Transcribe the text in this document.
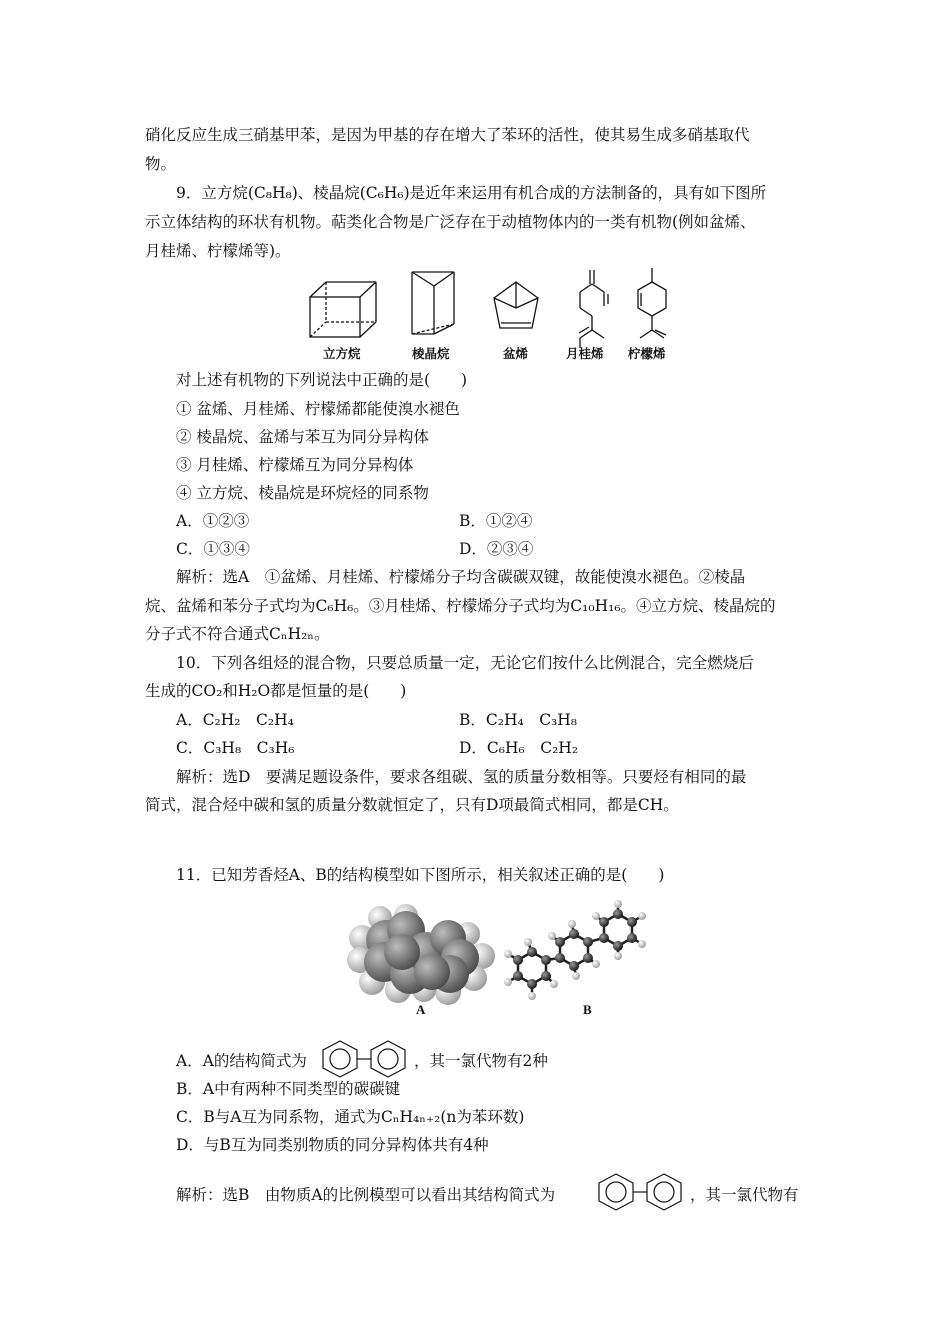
硝化反应生成三硝基甲苯，是因为甲基的存在增大了苯环的活性，使其易生成多硝基取代
物。
9．立方烷(C₈H₈)、棱晶烷(C₆H₆)是近年来运用有机合成的方法制备的，具有如下图所
示立体结构的环状有机物。萜类化合物是广泛存在于动植物体内的一类有机物(例如盆烯、
月桂烯、柠檬烯等)。
立方烷	棱晶烷	盆烯	月桂烯 柠檬烯
对上述有机物的下列说法中正确的是(　　)
① 盆烯、月桂烯、柠檬烯都能使溴水褪色
② 棱晶烷、盆烯与苯互为同分异构体
③ 月桂烯、柠檬烯互为同分异构体
④ 立方烷、棱晶烷是环烷烃的同系物
A．①②③	B．①②④
C．①③④	D．②③④
解析：选A　①盆烯、月桂烯、柠檬烯分子均含碳碳双键，故能使溴水褪色。②棱晶
烷、盆烯和苯分子式均为C₆H₆。③月桂烯、柠檬烯分子式均为C₁₀H₁₆。④立方烷、棱晶烷的
分子式不符合通式CₙH₂ₙ。
10．下列各组烃的混合物，只要总质量一定，无论它们按什么比例混合，完全燃烧后
生成的CO₂和H₂O都是恒量的是(　　)
A．C₂H₂　C₂H₄	B．C₂H₄　C₃H₈
C．C₃H₈　C₃H₆	D．C₆H₆　C₂H₂
解析：选D　要满足题设条件，要求各组碳、氢的质量分数相等。只要烃有相同的最
简式，混合烃中碳和氢的质量分数就恒定了，只有D项最简式相同，都是CH。
11．已知芳香烃A、B的结构模型如下图所示，相关叙述正确的是(　　)
A	B
A．A的结构简式为	，其一氯代物有2种
B．A中有两种不同类型的碳碳键
C．B与A互为同系物，通式为CₙH₄ₙ₊₂(n为苯环数)
D．与B互为同类别物质的同分异构体共有4种
解析：选B　由物质A的比例模型可以看出其结构简式为	，其一氯代物有
